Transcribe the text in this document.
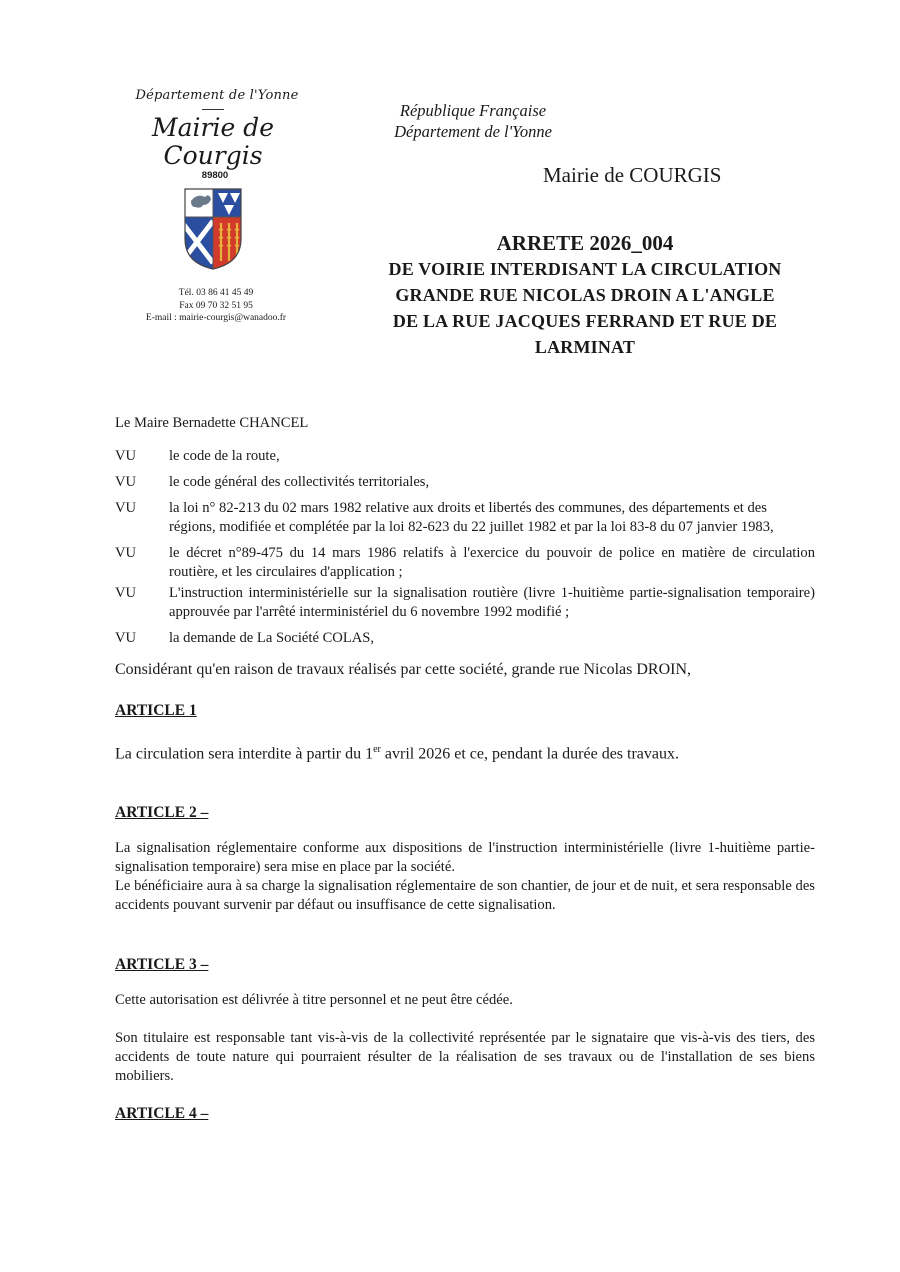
Département de l'Yonne
Mairie de Courgis
89800
Tél. 03 86 41 45 49
Fax 09 70 32 51 95
E-mail : mairie-courgis@wanadoo.fr
République Française
Département de l'Yonne
Mairie de COURGIS
ARRETE 2026_004
DE VOIRIE INTERDISANT LA CIRCULATION
GRANDE RUE NICOLAS DROIN A L'ANGLE
DE LA RUE JACQUES FERRAND ET RUE DE
LARMINAT

Le Maire Bernadette CHANCEL

VU	le code de la route,
VU	le code général des collectivités territoriales,
VU	la loi n° 82-213 du 02 mars 1982 relative aux droits et libertés des communes, des départements et des régions, modifiée et complétée par la loi 82-623 du 22 juillet 1982 et par la loi 83-8 du 07 janvier 1983,
VU	le décret n°89-475 du 14 mars 1986 relatifs à l'exercice du pouvoir de police en matière de circulation routière, et les circulaires d'application ;
VU	L'instruction interministérielle sur la signalisation routière (livre 1-huitième partie-signalisation temporaire) approuvée par l'arrêté interministériel du 6 novembre 1992 modifié ;
VU	la demande de La Société COLAS,

Considérant qu'en raison de travaux réalisés par cette société, grande rue Nicolas DROIN,

ARTICLE 1

La circulation sera interdite à partir du 1er avril 2026 et ce, pendant la durée des travaux.

ARTICLE 2 –

La signalisation réglementaire conforme aux dispositions de l'instruction interministérielle (livre 1-huitième partie-signalisation temporaire) sera mise en place par la société.

Le bénéficiaire aura à sa charge la signalisation réglementaire de son chantier, de jour et de nuit, et sera responsable des accidents pouvant survenir par défaut ou insuffisance de cette signalisation.

ARTICLE 3 –

Cette autorisation est délivrée à titre personnel et ne peut être cédée.

Son titulaire est responsable tant vis-à-vis de la collectivité représentée par le signataire que vis-à-vis des tiers, des accidents de toute nature qui pourraient résulter de la réalisation de ses travaux ou de l'installation de ses biens mobiliers.

ARTICLE 4 –
